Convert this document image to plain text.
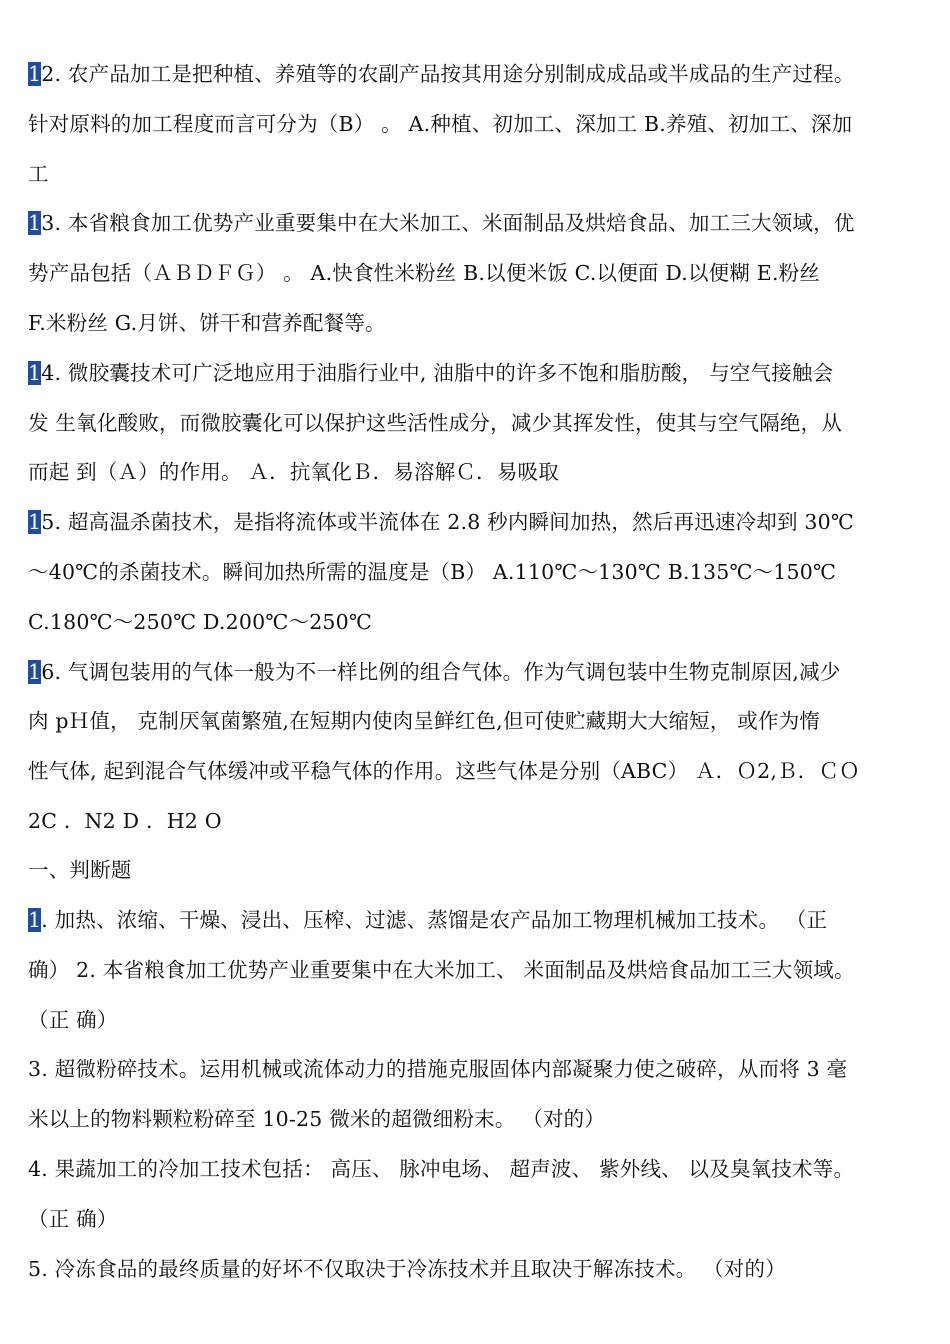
12. 农产品加工是把种植、养殖等的农副产品按其用途分别制成成品或半成品的生产过程。
针对原料的加工程度而言可分为（B） 。 A.种植、初加工、深加工 B.养殖、初加工、深加
工
13. 本省粮食加工优势产业重要集中在大米加工、米面制品及烘焙食品、加工三大领域，优
势产品包括（ＡＢＤＦＧ） 。 A.快食性米粉丝 B.以便米饭 C.以便面 D.以便糊 E.粉丝
F.米粉丝 G.月饼、饼干和营养配餐等。
14. 微胶囊技术可广泛地应用于油脂行业中, 油脂中的许多不饱和脂肪酸， 与空气接触会
发 生氧化酸败，而微胶囊化可以保护这些活性成分，减少其挥发性，使其与空气隔绝，从
而起 到（Ａ）的作用。 Ａ．抗氧化Ｂ．易溶解Ｃ．易吸取
15. 超高温杀菌技术，是指将流体或半流体在 2.8 秒内瞬间加热，然后再迅速冷却到 30℃
～40℃的杀菌技术。瞬间加热所需的温度是（B） A.110℃～130℃ B.135℃～150℃
C.180℃～250℃ D.200℃～250℃
16. 气调包装用的气体一般为不一样比例的组合气体。作为气调包装中生物克制原因,减少
肉 pＨ值， 克制厌氧菌繁殖,在短期内使肉呈鲜红色,但可使贮藏期大大缩短， 或作为惰
性气体, 起到混合气体缓冲或平稳气体的作用。这些气体是分别（ABC） Ａ．Ｏ2,Ｂ．ＣＯ
2C ．N2 D ．H2 O
一、判断题
1. 加热、浓缩、干燥、浸出、压榨、过滤、蒸馏是农产品加工物理机械加工技术。 （正
确） 2. 本省粮食加工优势产业重要集中在大米加工、 米面制品及烘焙食品加工三大领域。
（正 确）
3. 超微粉碎技术。运用机械或流体动力的措施克服固体内部凝聚力使之破碎，从而将 3 毫
米以上的物料颗粒粉碎至 10-25 微米的超微细粉末。 （对的）
4. 果蔬加工的冷加工技术包括： 高压、 脉冲电场、 超声波、 紫外线、 以及臭氧技术等。
（正 确）
5. 冷冻食品的最终质量的好坏不仅取决于冷冻技术并且取决于解冻技术。 （对的）
